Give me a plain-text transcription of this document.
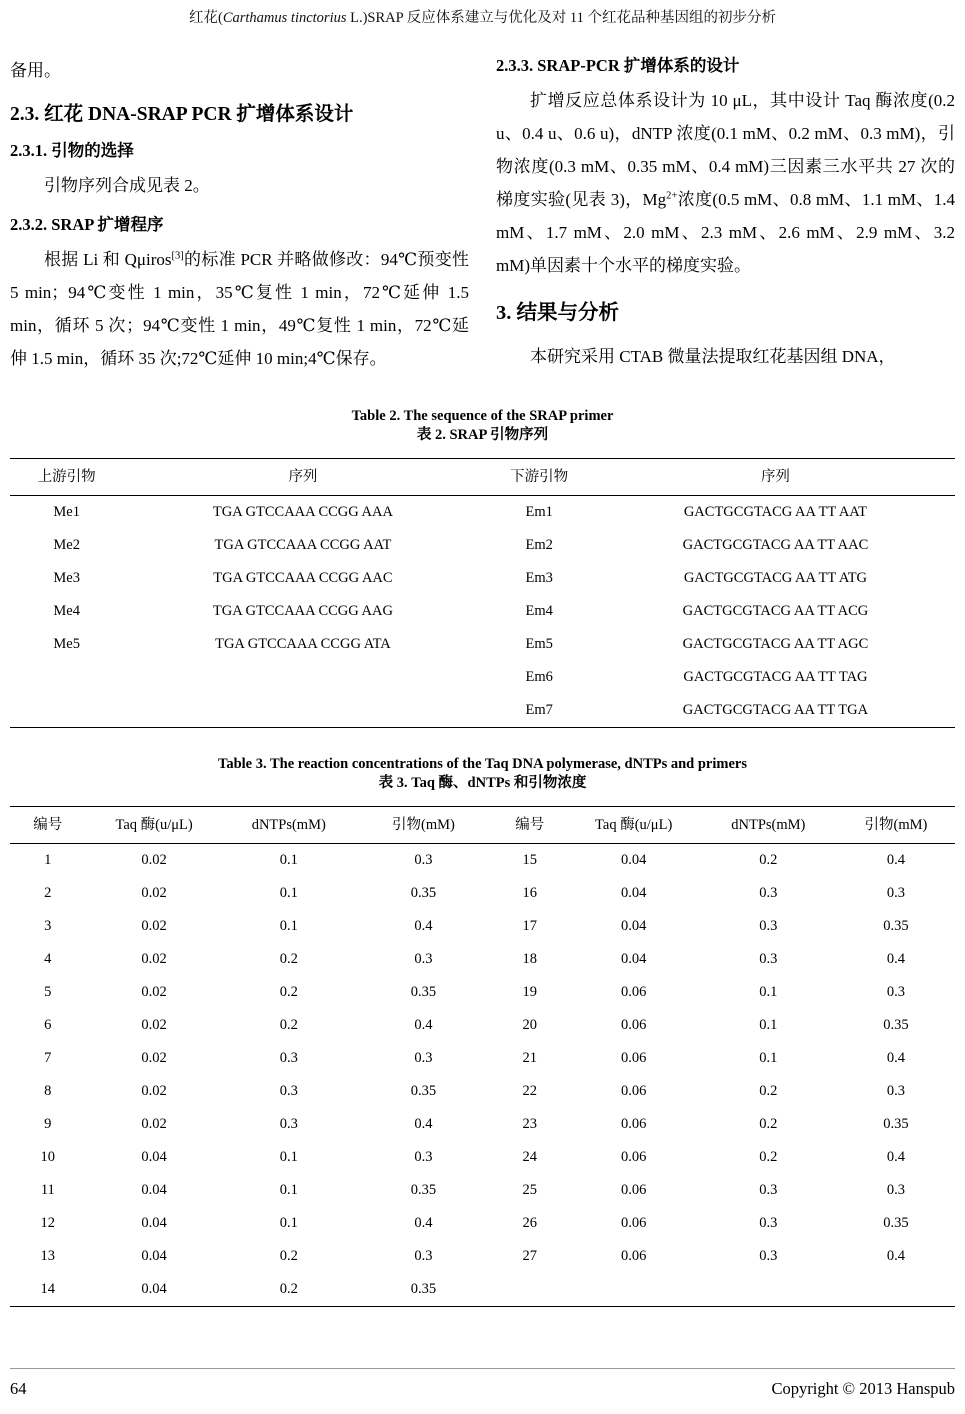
红花(Carthamus tinctorius L.)SRAP 反应体系建立与优化及对 11 个红花品种基因组的初步分析

备用。

2.3. 红花 DNA-SRAP PCR 扩增体系设计
2.3.1. 引物的选择

引物序列合成见表 2。

2.3.2. SRAP 扩增程序

根据 Li 和 Qμiros[3]的标准 PCR 并略做修改：94℃预变性 5 min；94℃变性 1 min，35℃复性 1 min，72℃延伸 1.5 min，循环 5 次；94℃变性 1 min，49℃复性 1 min，72℃延伸 1.5 min，循环 35 次;72℃延伸 10 min;4℃保存。

2.3.3. SRAP-PCR 扩增体系的设计

扩增反应总体系设计为 10 μL，其中设计 Taq 酶浓度(0.2 u、0.4 u、0.6 u)，dNTP 浓度(0.1 mM、0.2 mM、0.3 mM)，引物浓度(0.3 mM、0.35 mM、0.4 mM)三因素三水平共 27 次的梯度实验(见表 3)，$Mg^{2+}$浓度(0.5 mM、0.8 mM、1.1 mM、1.4 mM、1.7 mM、2.0 mM、2.3 mM、2.6 mM、2.9 mM、3.2 mM)单因素十个水平的梯度实验。

3. 结果与分析

本研究采用 CTAB 微量法提取红花基因组 DNA，

Table 2. The sequence of the SRAP primer
表 2. SRAP 引物序列
上游引物	序列	下游引物	序列
Me1	TGA GTCCAAA CCGG AAA	Em1	GACTGCGTACG AA TT AAT
Me2	TGA GTCCAAA CCGG AAT	Em2	GACTGCGTACG AA TT AAC
Me3	TGA GTCCAAA CCGG AAC	Em3	GACTGCGTACG AA TT ATG
Me4	TGA GTCCAAA CCGG AAG	Em4	GACTGCGTACG AA TT ACG
Me5	TGA GTCCAAA CCGG ATA	Em5	GACTGCGTACG AA TT AGC
		Em6	GACTGCGTACG AA TT TAG
		Em7	GACTGCGTACG AA TT TGA
Table 3. The reaction concentrations of the Taq DNA polymerase, dNTPs and primers
表 3. Taq 酶、dNTPs 和引物浓度
编号	Taq 酶(u/μL)	dNTPs(mM)	引物(mM)	编号	Taq 酶(u/μL)	dNTPs(mM)	引物(mM)
1	0.02	0.1	0.3	15	0.04	0.2	0.4
2	0.02	0.1	0.35	16	0.04	0.3	0.3
3	0.02	0.1	0.4	17	0.04	0.3	0.35
4	0.02	0.2	0.3	18	0.04	0.3	0.4
5	0.02	0.2	0.35	19	0.06	0.1	0.3
6	0.02	0.2	0.4	20	0.06	0.1	0.35
7	0.02	0.3	0.3	21	0.06	0.1	0.4
8	0.02	0.3	0.35	22	0.06	0.2	0.3
9	0.02	0.3	0.4	23	0.06	0.2	0.35
10	0.04	0.1	0.3	24	0.06	0.2	0.4
11	0.04	0.1	0.35	25	0.06	0.3	0.3
12	0.04	0.1	0.4	26	0.06	0.3	0.35
13	0.04	0.2	0.3	27	0.06	0.3	0.4
14	0.04	0.2	0.35				
64	Copyright © 2013 Hanspub
